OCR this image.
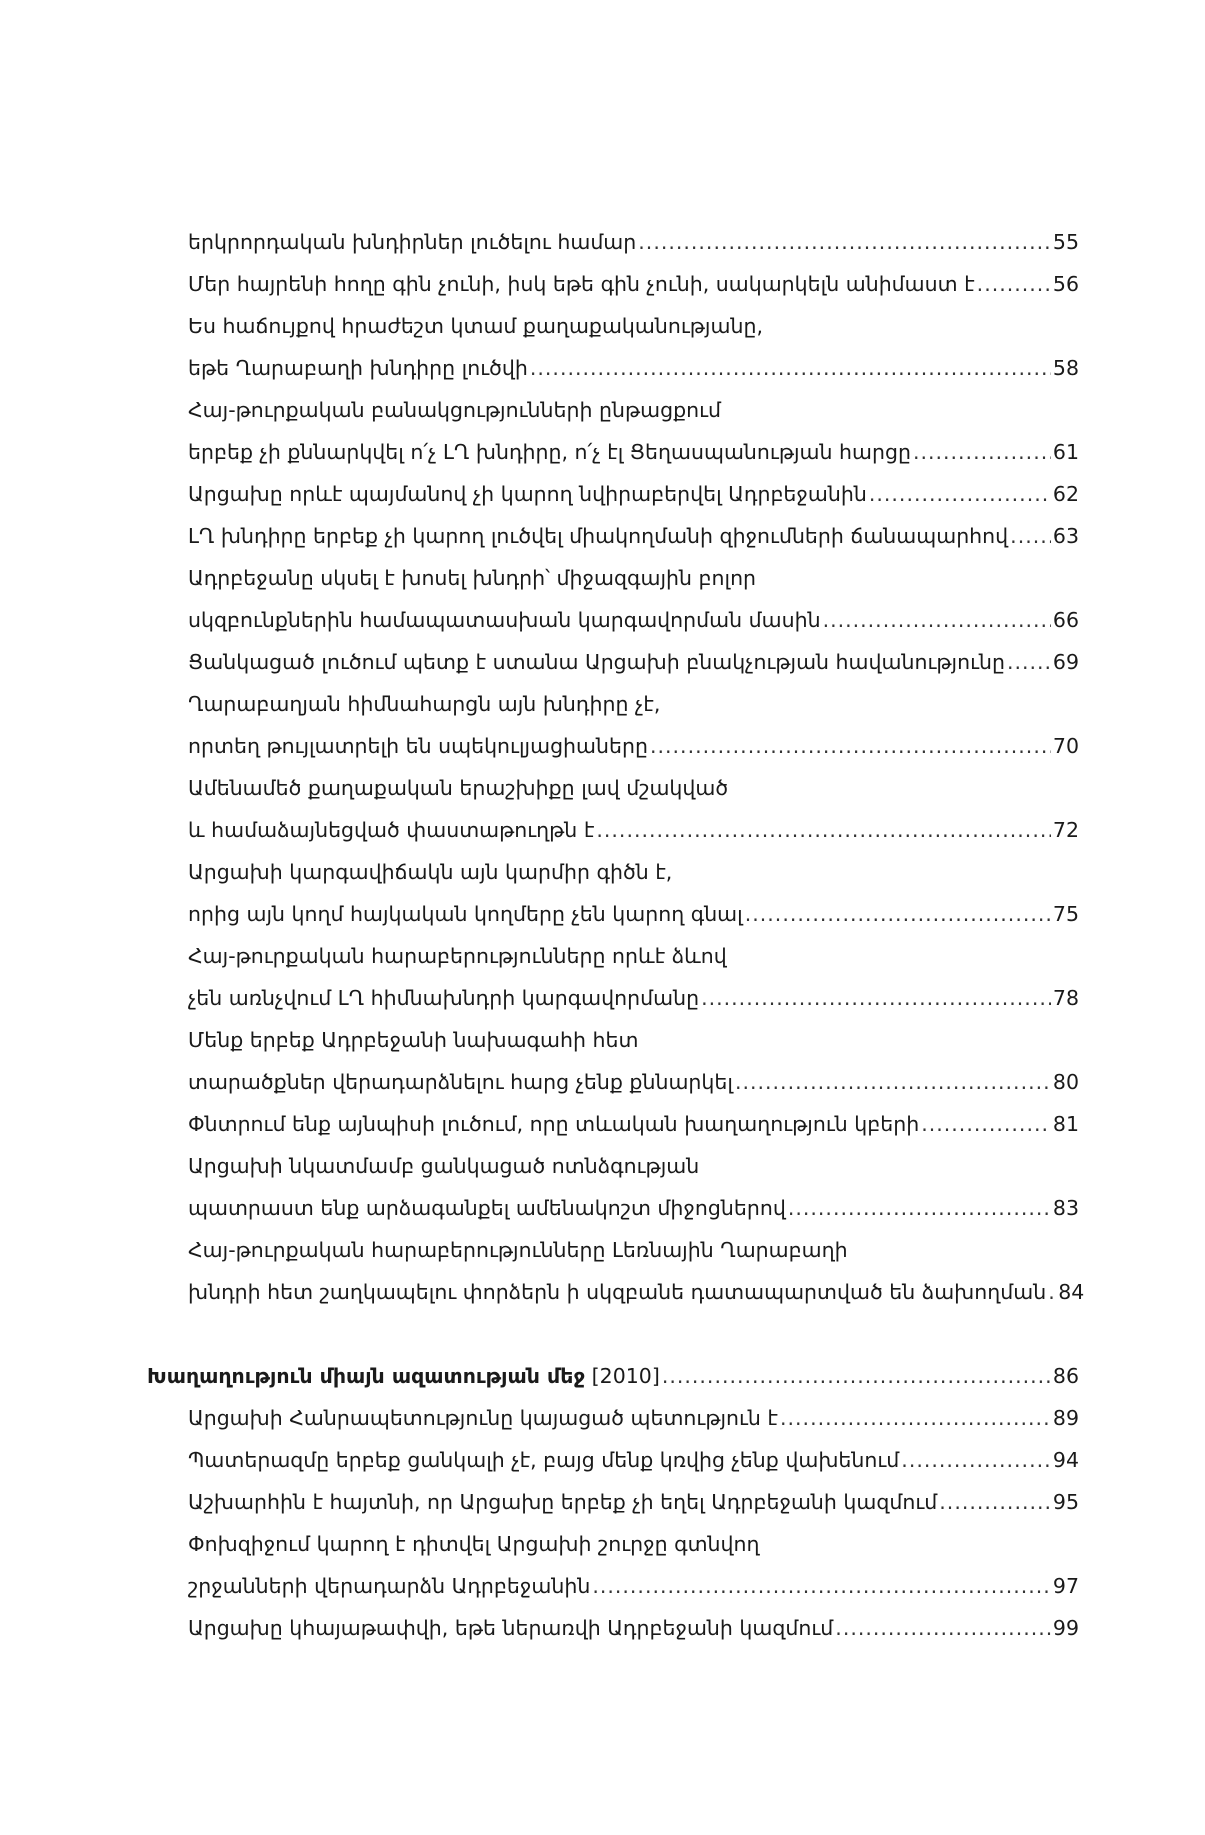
երկրորդական խնդիրներ լուծելու համար .....	55
Մեր հայրենի հողը գին չունի, իսկ եթե գին չունի, սակարկելն անիմաստ է .....	56
Ես հաճույքով հրաժեշտ կտամ քաղաքականությանը,
եթե Ղարաբաղի խնդիրը լուծվի .....	58
Հայ-թուրքական բանակցությունների ընթացքում
երբեք չի քննարկվել ո՛չ ԼՂ խնդիրը, ո՛չ էլ Ցեղասպանության հարցը .....	61
Արցախը որևէ պայմանով չի կարող նվիրաբերվել Ադրբեջանին .....	62
ԼՂ խնդիրը երբեք չի կարող լուծվել միակողմանի զիջումների ճանապարհով ..... 63
Ադրբեջանը սկսել է խոսել խնդրի՝ միջազգային բոլոր
սկզբունքներին համապատասխան կարգավորման մասին .....	66
Ցանկացած լուծում պետք է ստանա Արցախի բնակչության հավանությունը ..... 69
Ղարաբաղյան հիմնահարցն այն խնդիրը չէ,
որտեղ թույլատրելի են սպեկուլյացիաները .....	70
Ամենամեծ քաղաքական երաշխիքը լավ մշակված
և համաձայնեցված փաստաթուղթն է .....	72
Արցախի կարգավիճակն այն կարմիր գիծն է,
որից այն կողմ հայկական կողմերը չեն կարող գնալ .....	75
Հայ-թուրքական հարաբերությունները որևէ ձևով
չեն առնչվում ԼՂ հիմնախնդրի կարգավորմանը .....	78
Մենք երբեք Ադրբեջանի նախագահի հետ
տարածքներ վերադարձնելու հարց չենք քննարկել .....	80
Փնտրում ենք այնպիսի լուծում, որը տևական խաղաղություն կբերի .....	81
Արցախի նկատմամբ ցանկացած ոտնձգության
պատրաստ ենք արձագանքել ամենակոշտ միջոցներով .....	83
Հայ-թուրքական հարաբերությունները Լեռնային Ղարաբաղի
խնդրի հետ շաղկապելու փորձերն ի սկզբանե դատապարտված են ձախողման ..... 84
Խաղաղություն միայն ազատության մեջ [2010] .....	86
Արցախի Հանրապետությունը կայացած պետություն է .....	89
Պատերազմը երբեք ցանկալի չէ, բայց մենք կռվից չենք վախենում .....	94
Աշխարհին է հայտնի, որ Արցախը երբեք չի եղել Ադրբեջանի կազմում .....	95
Փոխզիջում կարող է դիտվել Արցախի շուրջը գտնվող
շրջանների վերադարձն Ադրբեջանին .....	97
Արցախը կհայաթափվի, եթե ներառվի Ադրբեջանի կազմում .....	99
